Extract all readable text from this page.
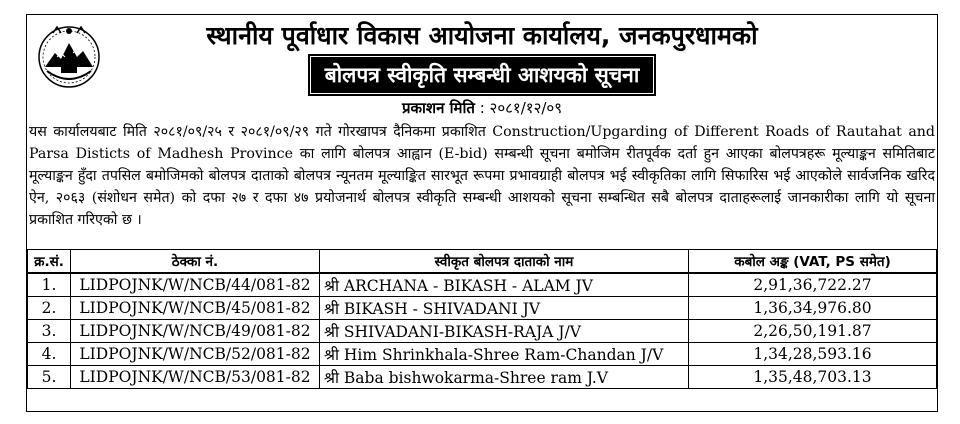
स्थानीय पूर्वाधार विकास आयोजना कार्यालय, जनकपुरधामको
बोलपत्र स्वीकृति सम्बन्धी आशयको सूचना
प्रकाशन मिति : २०८१/१२/०९
यस कार्यालयबाट मिति २०८१/०९/२५ र २०८१/०९/२९ गते गोरखापत्र दैनिकमा प्रकाशित Construction/Upgarding of Different Roads of Rautahat and Parsa Disticts of Madhesh Province का लागि बोलपत्र आह्वान (E-bid) सम्बन्धी सूचना बमोजिम रीतपूर्वक दर्ता हुन आएका बोलपत्रहरू मूल्याङ्कन समितिबाट मूल्याङ्कन हुँदा तपसिल बमोजिमको बोलपत्र दाताको बोलपत्र न्यूनतम मूल्याङ्कित सारभूत रूपमा प्रभावग्राही बोलपत्र भई स्वीकृतिका लागि सिफारिस भई आएकोले सार्वजनिक खरिद ऐन, २०६३ (संशोधन समेत) को दफा २७ र दफा ४७ प्रयोजनार्थ बोलपत्र स्वीकृति सम्बन्धी आशयको सूचना सम्बन्धित सबै बोलपत्र दाताहरूलाई जानकारीका लागि यो सूचना प्रकाशित गरिएको छ ।
क्र.सं.	ठेक्का नं.	स्वीकृत बोलपत्र दाताको नाम	कबोल अङ्क (VAT, PS समेत)
1.	LIDPOJNK/W/NCB/44/081-82	श्री ARCHANA - BIKASH - ALAM JV	2,91,36,722.27
2.	LIDPOJNK/W/NCB/45/081-82	श्री BIKASH - SHIVADANI JV	1,36,34,976.80
3.	LIDPOJNK/W/NCB/49/081-82	श्री SHIVADANI-BIKASH-RAJA J/V	2,26,50,191.87
4.	LIDPOJNK/W/NCB/52/081-82	श्री Him Shrinkhala-Shree Ram-Chandan J/V	1,34,28,593.16
5.	LIDPOJNK/W/NCB/53/081-82	श्री Baba bishwokarma-Shree ram J.V	1,35,48,703.13
